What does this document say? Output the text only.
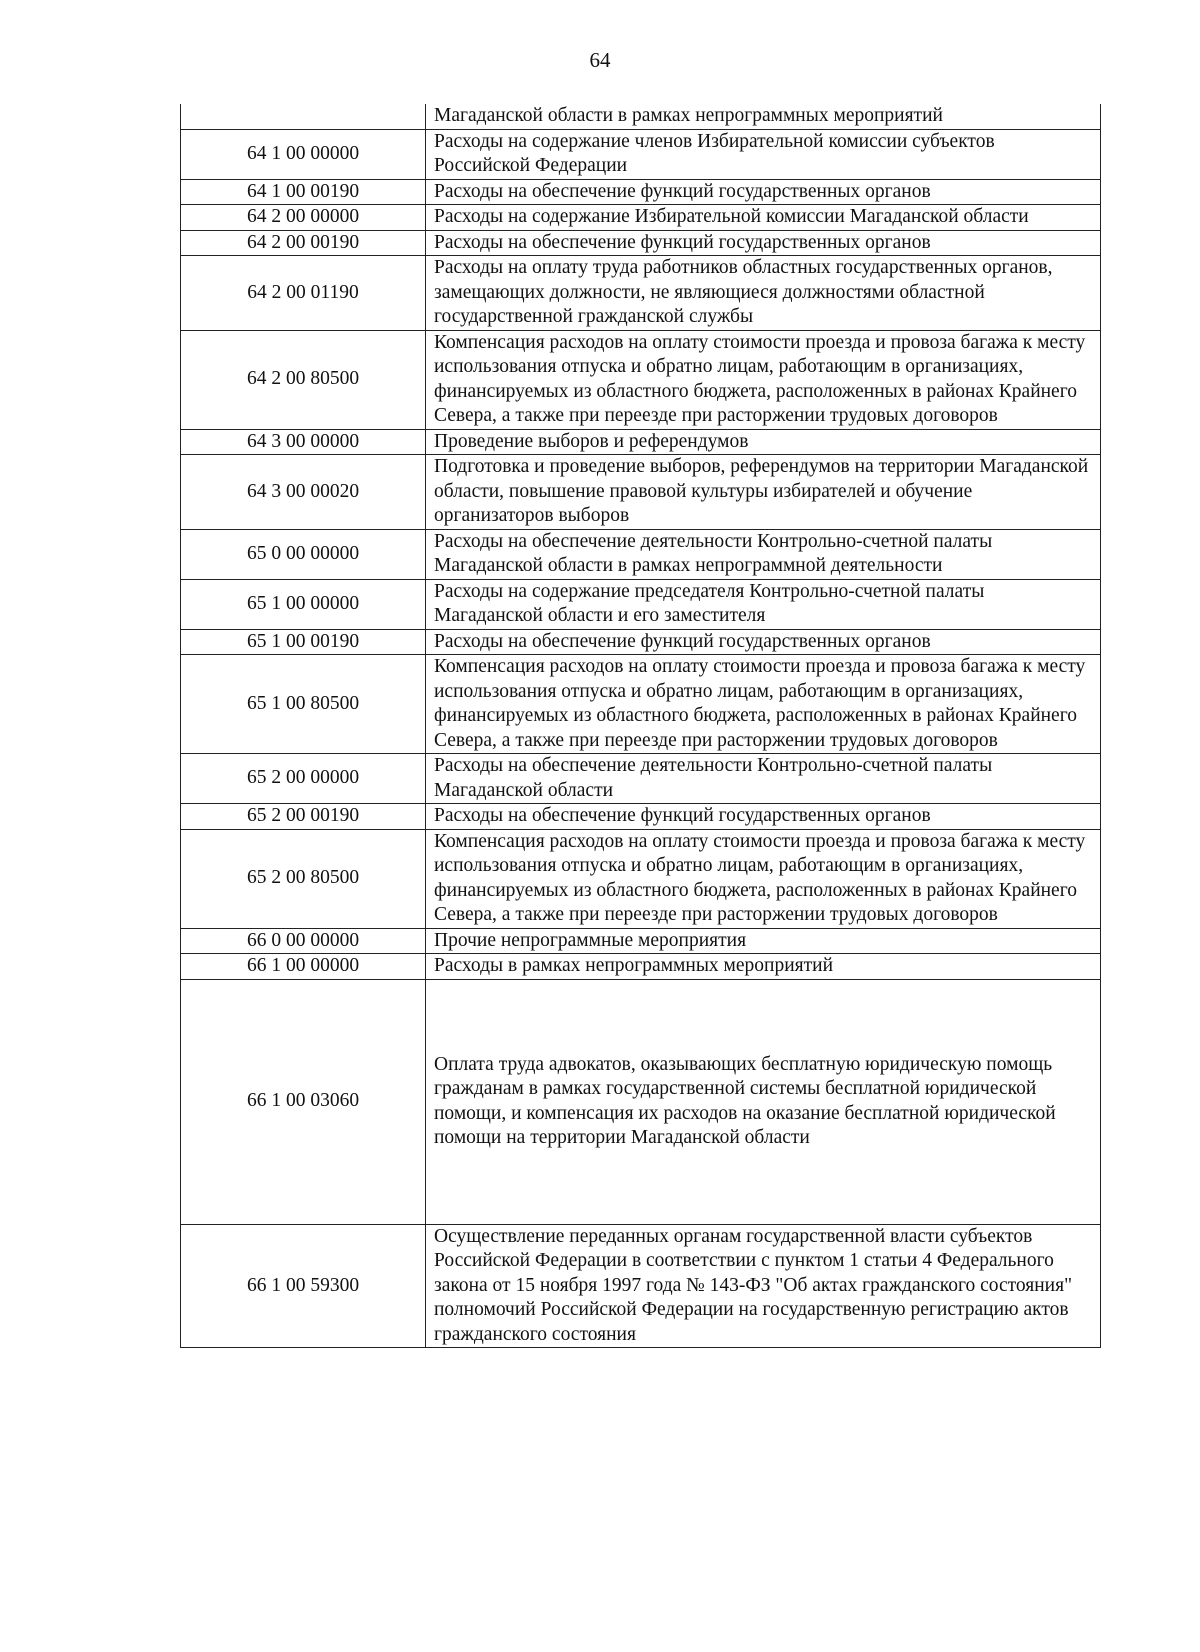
64
	Магаданской области в рамках непрограммных мероприятий
64 1 00 00000	Расходы на содержание членов Избирательной комиссии субъектов Российской Федерации
64 1 00 00190	Расходы на обеспечение функций государственных органов
64 2 00 00000	Расходы на содержание Избирательной комиссии Магаданской области
64 2 00 00190	Расходы на обеспечение функций государственных органов
64 2 00 01190	Расходы на оплату труда работников областных государственных органов, замещающих должности, не являющиеся должностями областной государственной гражданской службы
64 2 00 80500	Компенсация расходов на оплату стоимости проезда и провоза багажа к месту использования отпуска и обратно лицам, работающим в организациях, финансируемых из областного бюджета, расположенных в районах Крайнего Севера, а также при переезде при расторжении трудовых договоров
64 3 00 00000	Проведение выборов и референдумов
64 3 00 00020	Подготовка и проведение выборов, референдумов на территории Магаданской области, повышение правовой культуры избирателей и обучение организаторов выборов
65 0 00 00000	Расходы на обеспечение деятельности Контрольно-счетной палаты Магаданской области в рамках непрограммной деятельности
65 1 00 00000	Расходы на содержание председателя Контрольно-счетной палаты Магаданской области и его заместителя
65 1 00 00190	Расходы на обеспечение функций государственных органов
65 1 00 80500	Компенсация расходов на оплату стоимости проезда и провоза багажа к месту использования отпуска и обратно лицам, работающим в организациях, финансируемых из областного бюджета, расположенных в районах Крайнего Севера, а также при переезде при расторжении трудовых договоров
65 2 00 00000	Расходы на обеспечение деятельности Контрольно-счетной палаты Магаданской области
65 2 00 00190	Расходы на обеспечение функций государственных органов
65 2 00 80500	Компенсация расходов на оплату стоимости проезда и провоза багажа к месту использования отпуска и обратно лицам, работающим в организациях, финансируемых из областного бюджета, расположенных в районах Крайнего Севера, а также при переезде при расторжении трудовых договоров
66 0 00 00000	Прочие непрограммные мероприятия
66 1 00 00000	Расходы в рамках непрограммных мероприятий
66 1 00 03060	Оплата труда адвокатов, оказывающих бесплатную юридическую помощь гражданам в рамках государственной системы бесплатной юридической помощи, и компенсация их расходов на оказание бесплатной юридической помощи на территории Магаданской области
66 1 00 59300	Осуществление переданных органам государственной власти субъектов Российской Федерации в соответствии с пунктом 1 статьи 4 Федерального закона от 15 ноября 1997 года № 143-ФЗ "Об актах гражданского состояния" полномочий Российской Федерации на государственную регистрацию актов гражданского состояния
